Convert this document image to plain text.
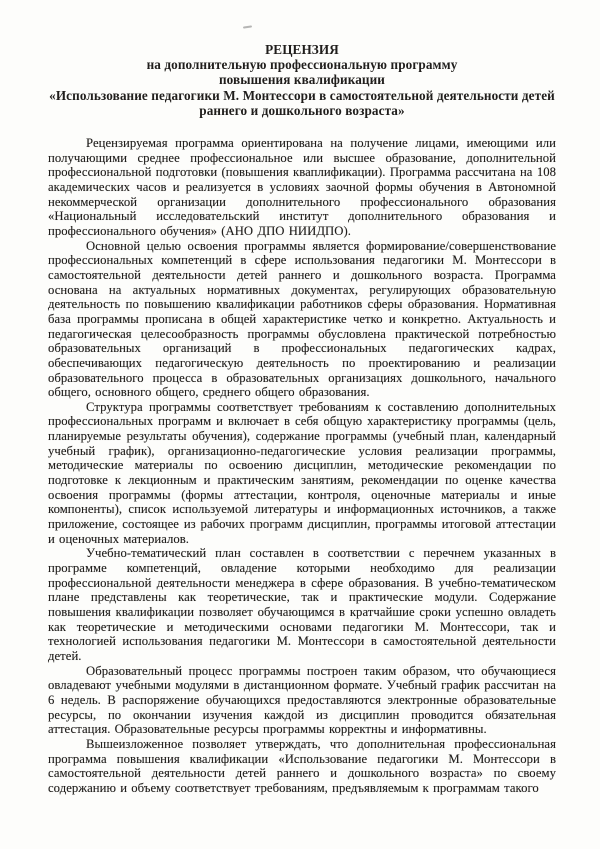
РЕЦЕНЗИЯ
на дополнительную профессиональную программу
повышения квалификации
«Использование педагогики М. Монтессори в самостоятельной деятельности детей раннего и дошкольного возраста»

Рецензируемая программа ориентирована на получение лицами, имеющими или получающими среднее профессиональное или высшее образование, дополнительной профессиональной подготовки (повышения кваплификации). Программа рассчитана на 108 академических часов и реализуется в условиях заочной формы обучения в Автономной некоммерческой организации дополнительного профессионального образования «Национальный исследовательский институт дополнительного образования и профессионального обучения» (АНО ДПО НИИДПО).

Основной целью освоения программы является формирование/совершенствование профессиональных компетенций в сфере использования педагогики М. Монтессори в самостоятельной деятельности детей раннего и дошкольного возраста. Программа основана на актуальных нормативных документах, регулирующих образовательную деятельность по повышению квалификации работников сферы образования. Нормативная база программы прописана в общей характеристике четко и конкретно. Актуальность и педагогическая целесообразность программы обусловлена практической потребностью образовательных организаций в профессиональных педагогических кадрах, обеспечивающих педагогическую деятельность по проектированию и реализации образовательного процесса в образовательных организациях дошкольного, начального общего, основного общего, среднего общего образования.

Структура программы соответствует требованиям к составлению дополнительных профессиональных программ и включает в себя общую характеристику программы (цель, планируемые результаты обучения), содержание программы (учебный план, календарный учебный график), организационно-педагогические условия реализации программы, методические материалы по освоению дисциплин, методические рекомендации по подготовке к лекционным и практическим занятиям, рекомендации по оценке качества освоения программы (формы аттестации, контроля, оценочные материалы и иные компоненты), список используемой литературы и информационных источников, а также приложение, состоящее из рабочих программ дисциплин, программы итоговой аттестации и оценочных материалов.

Учебно-тематический план составлен в соответствии с перечнем указанных в программе компетенций, овладение которыми необходимо для реализации профессиональной деятельности менеджера в сфере образования. В учебно-тематическом плане представлены как теоретические, так и практические модули. Содержание повышения квалификации позволяет обучающимся в кратчайшие сроки успешно овладеть как теоретические и методическими основами педагогики М. Монтессори, так и технологией использования педагогики М. Монтессори в самостоятельной деятельности детей.

Образовательный процесс программы построен таким образом, что обучающиеся овладевают учебными модулями в дистанционном формате. Учебный график рассчитан на 6 недель. В распоряжение обучающихся предоставляются электронные образовательные ресурсы, по окончании изучения каждой из дисциплин проводится обязательная аттестация. Образовательные ресурсы программы корректны и информативны.

Вышеизложенное позволяет утверждать, что дополнительная профессиональная программа повышения квалификации «Использование педагогики М. Монтессори в самостоятельной деятельности детей раннего и дошкольного возраста» по своему содержанию и объему соответствует требованиям, предъявляемым к программам такого
